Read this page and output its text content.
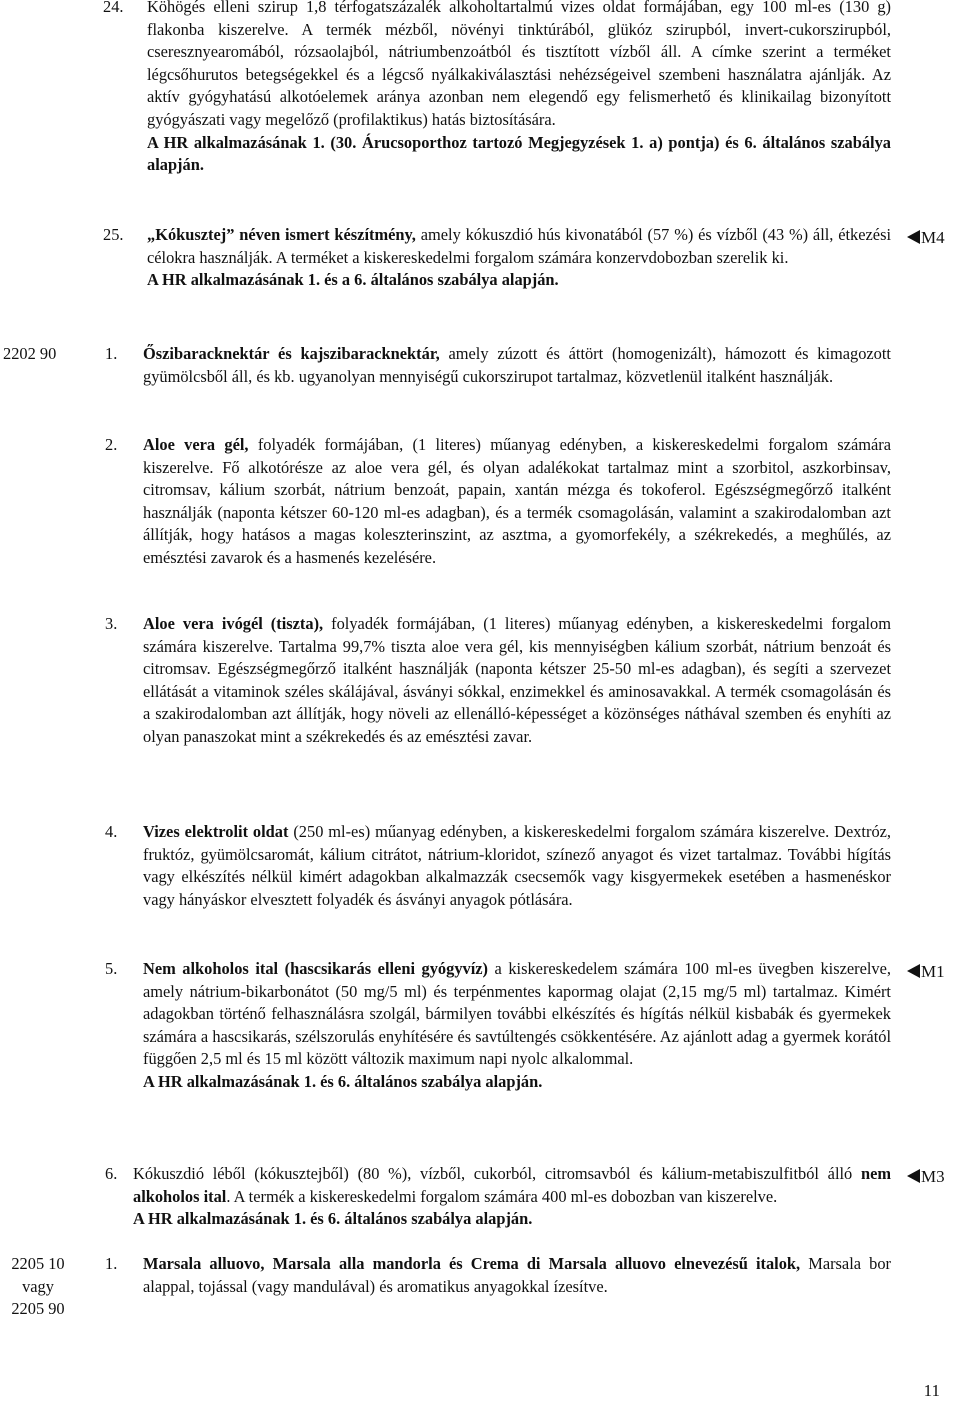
24. Köhögés elleni szirup 1,8 térfogatszázalék alkoholtartalmú vizes oldat formájában, egy 100 ml-es (130 g) flakonba kiszerelve. A termék mézből, növényi tinktúrából, glükóz szirupból, invert-cukorszirupból, cseresznyearomából, rózsaolajból, nátriumbenzoátból és tisztított vízből áll. A címke szerint a terméket légcsőhurutos betegségekkel és a légcső nyálkakiválasztási nehézségeivel szembeni használatra ajánlják. Az aktív gyógyhatású alkotóelemek aránya azonban nem elegendő egy felismerhető és klinikailag bizonyított gyógyászati vagy megelőző (profilaktikus) hatás biztosítására.
A HR alkalmazásának 1. (30. Árucsoporthoz tartozó Megjegyzések 1. a) pontja) és 6. általános szabálya alapján.
25. „Kókusztej” néven ismert készítmény, amely kókuszdió hús kivonatából (57 %) és vízből (43 %) áll, étkezési célokra használják. A terméket a kiskereskedelmi forgalom számára konzervdobozban szerelik ki.
A HR alkalmazásának 1. és a 6. általános szabálya alapján.
M4
2202 90	1. Őszibaracknektár és kajszibaracknektár, amely zúzott és áttört (homogenizált), hámozott és kimagozott gyümölcsből áll, és kb. ugyanolyan mennyiségű cukorszirupot tartalmaz, közvetlenül italként használják.
2. Aloe vera gél, folyadék formájában, (1 literes) műanyag edényben, a kiskereskedelmi forgalom számára kiszerelve. Fő alkotórésze az aloe vera gél, és olyan adalékokat tartalmaz mint a szorbitol, aszkorbinsav, citromsav, kálium szorbát, nátrium benzoát, papain, xantán mézga és tokoferol. Egészségmegőrző italként használják (naponta kétszer 60-120 ml-es adagban), és a termék csomagolásán, valamint a szakirodalomban azt állítják, hogy hatásos a magas koleszterinszint, az asztma, a gyomorfekély, a székrekedés, a meghűlés, az emésztési zavarok és a hasmenés kezelésére.
3. Aloe vera ivógél (tiszta), folyadék formájában, (1 literes) műanyag edényben, a kiskereskedelmi forgalom számára kiszerelve. Tartalma 99,7% tiszta aloe vera gél, kis mennyiségben kálium szorbát, nátrium benzoát és citromsav. Egészségmegőrző italként használják (naponta kétszer 25-50 ml-es adagban), és segíti a szervezet ellátását a vitaminok széles skálájával, ásványi sókkal, enzimekkel és aminosavakkal. A termék csomagolásán és a szakirodalomban azt állítják, hogy növeli az ellenálló-képességet a közönséges náthával szemben és enyhíti az olyan panaszokat mint a székrekedés és az emésztési zavar.
4. Vizes elektrolit oldat (250 ml-es) műanyag edényben, a kiskereskedelmi forgalom számára kiszerelve. Dextróz, fruktóz, gyümölcsaromát, kálium citrátot, nátrium-kloridot, színező anyagot és vizet tartalmaz. További hígítás vagy elkészítés nélkül kimért adagokban alkalmazzák csecsemők vagy kisgyermekek esetében a hasmenéskor vagy hányáskor elvesztett folyadék és ásványi anyagok pótlására.
5. Nem alkoholos ital (hascsikarás elleni gyógyvíz) a kiskereskedelem számára 100 ml-es üvegben kiszerelve, amely nátrium-bikarbonátot (50 mg/5 ml) és terpénmentes kapormag olajat (2,15 mg/5 ml) tartalmaz. Kimért adagokban történő felhasználásra szolgál, bármilyen további elkészítés és hígítás nélkül kisbabák és gyermekek számára a hascsikarás, szélszorulás enyhítésére és savtúltengés csökkentésére. Az ajánlott adag a gyermek korától függően 2,5 ml és 15 ml között változik maximum napi nyolc alkalommal.
A HR alkalmazásának 1. és 6. általános szabálya alapján.
M1
6. Kókuszdió léből (kókusztejből) (80 %), vízből, cukorból, citromsavból és kálium-metabiszulfitból álló nem alkoholos ital. A termék a kiskereskedelmi forgalom számára 400 ml-es dobozban van kiszerelve.
A HR alkalmazásának 1. és 6. általános szabálya alapján.
M3
2205 10
vagy
2205 90
1. Marsala alluovo, Marsala alla mandorla és Crema di Marsala alluovo elnevezésű italok, Marsala bor alappal, tojással (vagy mandulával) és aromatikus anyagokkal ízesítve.
11
